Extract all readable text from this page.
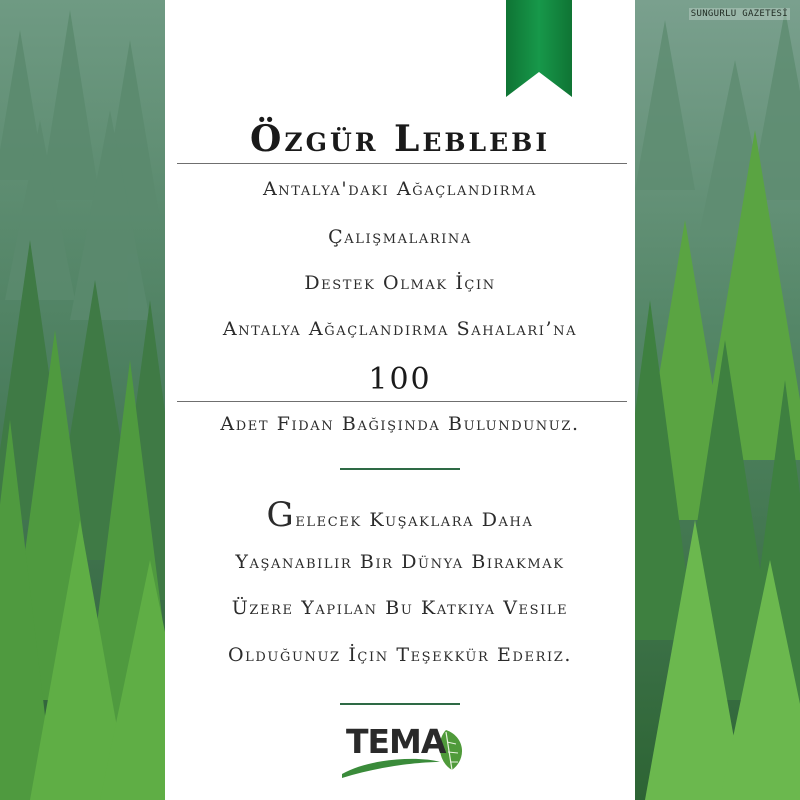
SUNGURLU GAZETESİ
Özgür Leblebi
Antalya'daki Ağaçlandırma
Çalışmalarına
Destek Olmak İçin
Antalya Ağaçlandırma Sahaları’na
100
Adet Fidan Bağışında Bulundunuz.
Gelecek Kuşaklara Daha
Yaşanabilir Bir Dünya Bırakmak
Üzere Yapılan Bu Katkıya Vesile
Olduğunuz İçin Teşekkür Ederiz.
TEMA
